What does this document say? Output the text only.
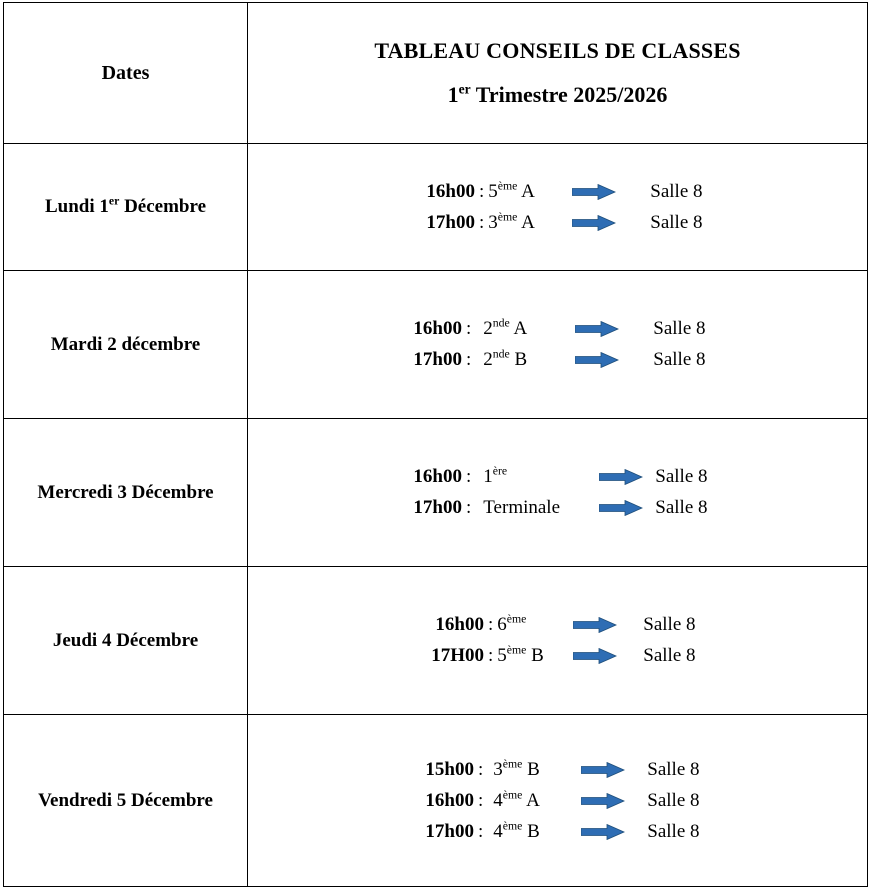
Dates	TABLEAU CONSEILS DE CLASSES
1er Trimestre 2025/2026

Lundi 1er Décembre	
16h00 : 5ème A	Salle 8
17h00 : 3ème A	Salle 8

Mardi 2 décembre	
16h00 : 2nde A	Salle 8
17h00 : 2nde B	Salle 8

Mercredi 3 Décembre	
16h00 : 1ère	Salle 8
17h00 : Terminale	Salle 8

Jeudi 4 Décembre	
16h00 : 6ème	Salle 8
17H00 : 5ème B	Salle 8

Vendredi 5 Décembre	
15h00 : 3ème B	Salle 8
16h00 : 4ème A	Salle 8
17h00 : 4ème B	Salle 8
